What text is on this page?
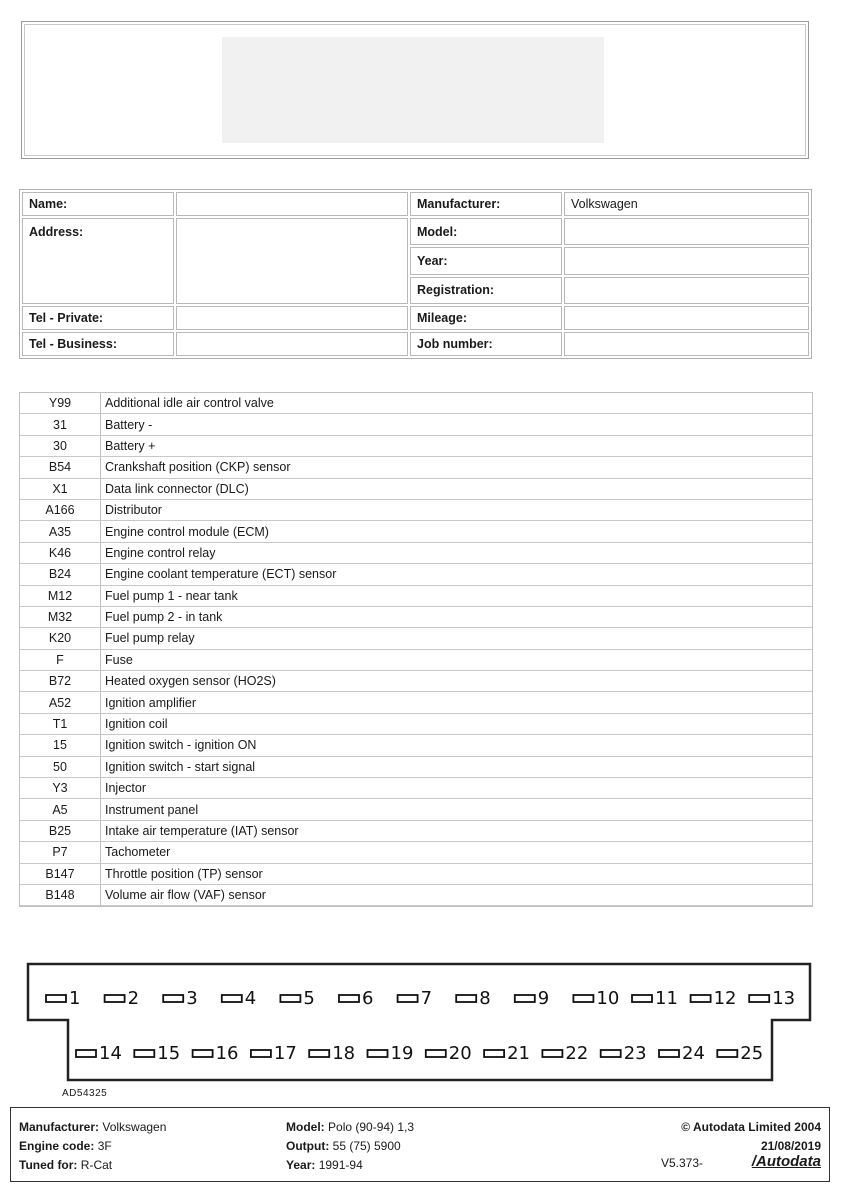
Name:		Manufacturer:	Volkswagen
Address:		Model:	
		Year:	
		Registration:	
Tel - Private:		Mileage:	
Tel - Business:		Job number:	
Y99	Additional idle air control valve
31	Battery -
30	Battery +
B54	Crankshaft position (CKP) sensor
X1	Data link connector (DLC)
A166	Distributor
A35	Engine control module (ECM)
K46	Engine control relay
B24	Engine coolant temperature (ECT) sensor
M12	Fuel pump 1 - near tank
M32	Fuel pump 2 - in tank
K20	Fuel pump relay
F	Fuse
B72	Heated oxygen sensor (HO2S)
A52	Ignition amplifier
T1	Ignition coil
15	Ignition switch - ignition ON
50	Ignition switch - start signal
Y3	Injector
A5	Instrument panel
B25	Intake air temperature (IAT) sensor
P7	Tachometer
B147	Throttle position (TP) sensor
B148	Volume air flow (VAF) sensor
1	2	3	4	5	6	7	8	9	10 11 12 13
14 15 16 17 18 19 20 21 22 23 24 25
AD54325
Manufacturer: Volkswagen
Engine code: 3F
Tuned for: R-Cat
Model: Polo (90-94) 1,3
Output: 55 (75) 5900
Year: 1991-94
© Autodata Limited 2004
21/08/2019
V5.373-	/Autodata
